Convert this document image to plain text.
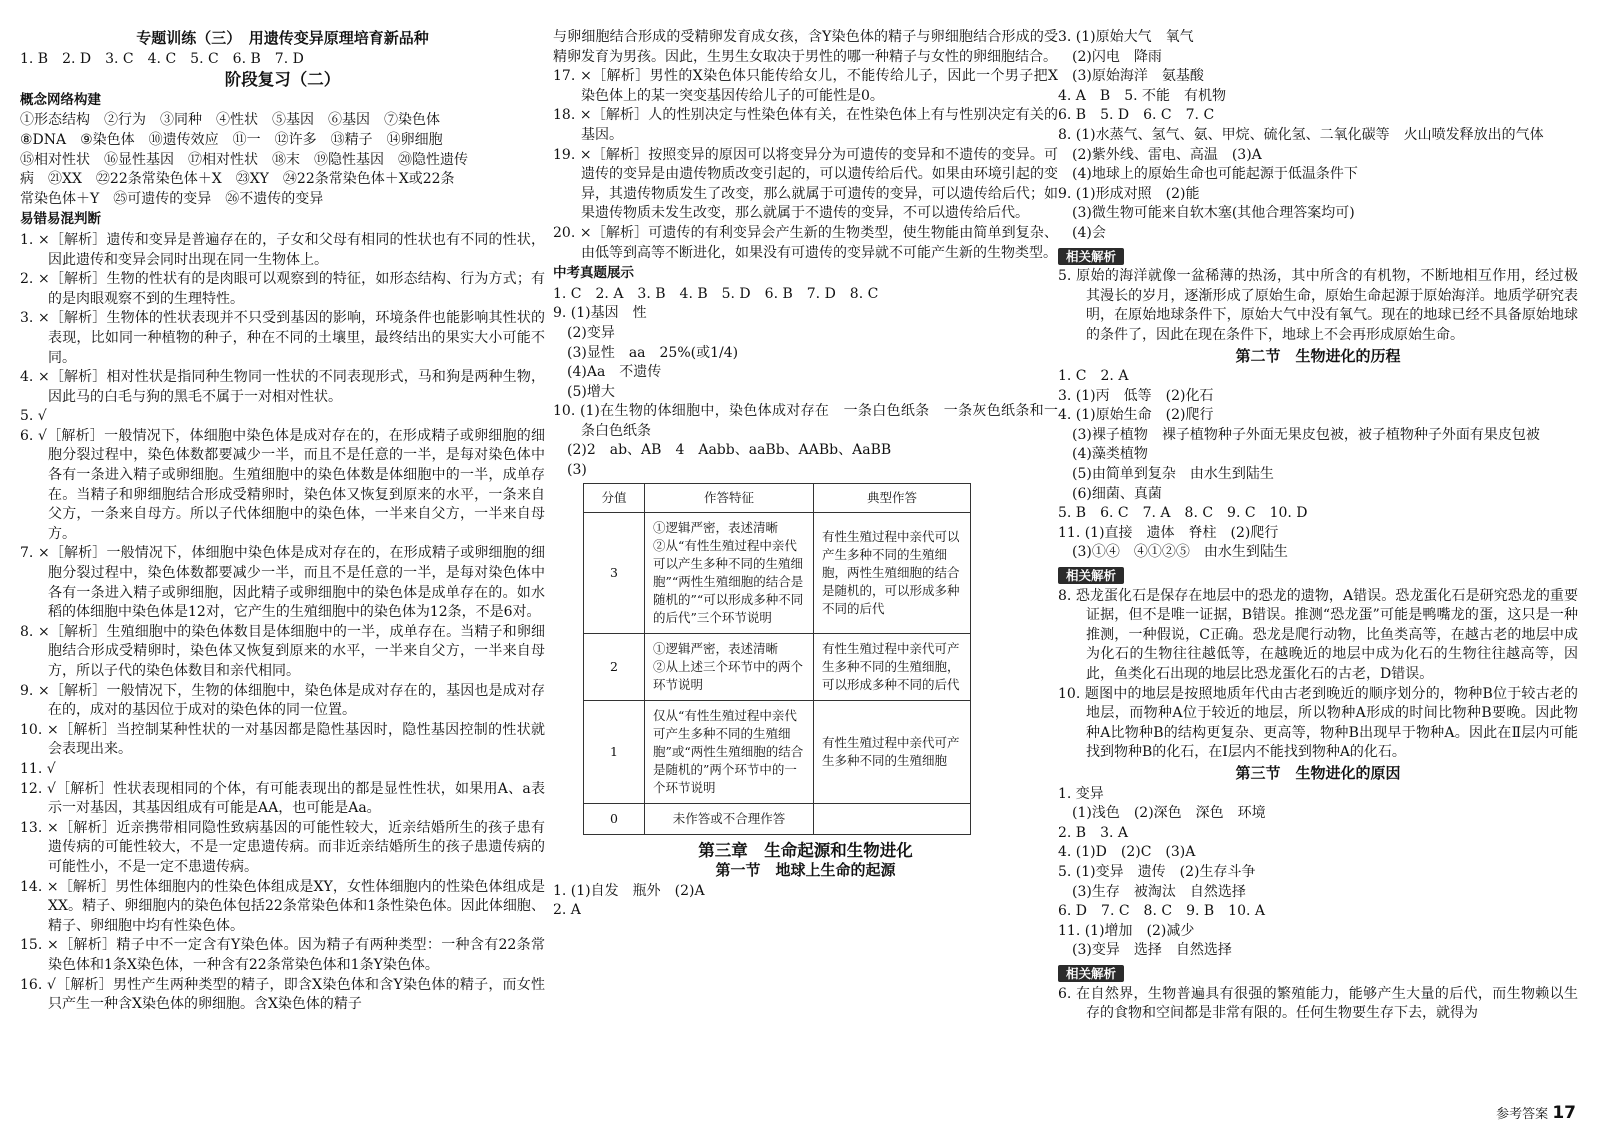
专题训练（三）　用遗传变异原理培育新品种

1. B　2. D　3. C　4. C　5. C　6. B　7. D

阶段复习（二）
概念网络构建

①形态结构　②行为　③同种　④性状　⑤基因　⑥基因　⑦染色体

⑧DNA　⑨染色体　⑩遗传效应　⑪一　⑫许多　⑬精子　⑭卵细胞

⑮相对性状　⑯显性基因　⑰相对性状　⑱末　⑲隐性基因　⑳隐性遗传

病　㉑XX　㉒22条常染色体＋X　㉓XY　㉔22条常染色体＋X或22条

常染色体＋Y　㉕可遗传的变异　㉖不遗传的变异

易错易混判断

1. ×［解析］遗传和变异是普遍存在的，子女和父母有相同的性状也有不同的性状，因此遗传和变异会同时出现在同一生物体上。

2. ×［解析］生物的性状有的是肉眼可以观察到的特征，如形态结构、行为方式；有的是肉眼观察不到的生理特性。

3. ×［解析］生物体的性状表现并不只受到基因的影响，环境条件也能影响其性状的表现，比如同一种植物的种子，种在不同的土壤里，最终结出的果实大小可能不同。

4. ×［解析］相对性状是指同种生物同一性状的不同表现形式，马和狗是两种生物，因此马的白毛与狗的黑毛不属于一对相对性状。

5. √

6. √［解析］一般情况下，体细胞中染色体是成对存在的，在形成精子或卵细胞的细胞分裂过程中，染色体数都要减少一半，而且不是任意的一半，是每对染色体中各有一条进入精子或卵细胞。生殖细胞中的染色体数是体细胞中的一半，成单存在。当精子和卵细胞结合形成受精卵时，染色体又恢复到原来的水平，一条来自父方，一条来自母方。所以子代体细胞中的染色体，一半来自父方，一半来自母方。

7. ×［解析］一般情况下，体细胞中染色体是成对存在的，在形成精子或卵细胞的细胞分裂过程中，染色体数都要减少一半，而且不是任意的一半，是每对染色体中各有一条进入精子或卵细胞，因此精子或卵细胞中的染色体是成单存在的。如水稻的体细胞中染色体是12对，它产生的生殖细胞中的染色体为12条，不是6对。

8. ×［解析］生殖细胞中的染色体数目是体细胞中的一半，成单存在。当精子和卵细胞结合形成受精卵时，染色体又恢复到原来的水平，一半来自父方，一半来自母方，所以子代的染色体数目和亲代相同。

9. ×［解析］一般情况下，生物的体细胞中，染色体是成对存在的，基因也是成对存在的，成对的基因位于成对的染色体的同一位置。

10. ×［解析］当控制某种性状的一对基因都是隐性基因时，隐性基因控制的性状就会表现出来。

11. √

12. √［解析］性状表现相同的个体，有可能表现出的都是显性性状，如果用A、a表示一对基因，其基因组成有可能是AA，也可能是Aa。

13. ×［解析］近亲携带相同隐性致病基因的可能性较大，近亲结婚所生的孩子患有遗传病的可能性较大，不是一定患遗传病。而非近亲结婚所生的孩子患遗传病的可能性小，不是一定不患遗传病。

14. ×［解析］男性体细胞内的性染色体组成是XY，女性体细胞内的性染色体组成是XX。精子、卵细胞内的染色体包括22条常染色体和1条性染色体。因此体细胞、精子、卵细胞中均有性染色体。

15. ×［解析］精子中不一定含有Y染色体。因为精子有两种类型：一种含有22条常染色体和1条X染色体，一种含有22条常染色体和1条Y染色体。

16. √［解析］男性产生两种类型的精子，即含X染色体和含Y染色体的精子，而女性只产生一种含X染色体的卵细胞。含X染色体的精子

与卵细胞结合形成的受精卵发育成女孩，含Y染色体的精子与卵细胞结合形成的受精卵发育为男孩。因此，生男生女取决于男性的哪一种精子与女性的卵细胞结合。

17. ×［解析］男性的X染色体只能传给女儿，不能传给儿子，因此一个男子把X染色体上的某一突变基因传给儿子的可能性是0。

18. ×［解析］人的性别决定与性染色体有关，在性染色体上有与性别决定有关的基因。

19. ×［解析］按照变异的原因可以将变异分为可遗传的变异和不遗传的变异。可遗传的变异是由遗传物质改变引起的，可以遗传给后代。如果由环境引起的变异，其遗传物质发生了改变，那么就属于可遗传的变异，可以遗传给后代；如果遗传物质未发生改变，那么就属于不遗传的变异，不可以遗传给后代。

20. ×［解析］可遗传的有利变异会产生新的生物类型，使生物能由简单到复杂、由低等到高等不断进化，如果没有可遗传的变异就不可能产生新的生物类型。

中考真题展示

1. C　2. A　3. B　4. B　5. D　6. B　7. D　8. C

9. (1)基因　性

　(2)变异

　(3)显性　aa　25%(或1/4)

　(4)Aa　不遗传

　(5)增大

10. (1)在生物的体细胞中，染色体成对存在　一条白色纸条　一条灰色纸条和一条白色纸条

　(2)2　ab、AB　4　Aabb、aaBb、AABb、AaBB

　(3)

分值	作答特征	典型作答
3	①逻辑严密，表述清晰
②从“有性生殖过程中亲代可以产生多种不同的生殖细胞”“两性生殖细胞的结合是随机的”“可以形成多种不同的后代”三个环节说明	有性生殖过程中亲代可以产生多种不同的生殖细胞，两性生殖细胞的结合是随机的，可以形成多种不同的后代
2	①逻辑严密，表述清晰
②从上述三个环节中的两个环节说明	有性生殖过程中亲代可产生多种不同的生殖细胞，可以形成多种不同的后代
1	仅从“有性生殖过程中亲代可产生多种不同的生殖细胞”或“两性生殖细胞的结合是随机的”两个环节中的一个环节说明	有性生殖过程中亲代可产生多种不同的生殖细胞
0	未作答或不合理作答	
第三章　生命起源和生物进化
第一节　地球上生命的起源

1. (1)自发　瓶外　(2)A

2. A

3. (1)原始大气　氧气

　(2)闪电　降雨

　(3)原始海洋　氨基酸

4. A　B　5. 不能　有机物

6. B　5. D　6. C　7. C

8. (1)水蒸气、氢气、氨、甲烷、硫化氢、二氧化碳等　火山喷发释放出的气体

　(2)紫外线、雷电、高温　(3)A

　(4)地球上的原始生命也可能起源于低温条件下

9. (1)形成对照　(2)能

　(3)微生物可能来自软木塞(其他合理答案均可)

　(4)会

相关解析

5. 原始的海洋就像一盆稀薄的热汤，其中所含的有机物，不断地相互作用，经过极其漫长的岁月，逐渐形成了原始生命，原始生命起源于原始海洋。地质学研究表明，在原始地球条件下，原始大气中没有氧气。现在的地球已经不具备原始地球的条件了，因此在现在条件下，地球上不会再形成原始生命。

第二节　生物进化的历程

1. C　2. A

3. (1)丙　低等　(2)化石

4. (1)原始生命　(2)爬行

　(3)裸子植物　裸子植物种子外面无果皮包被，被子植物种子外面有果皮包被

　(4)藻类植物

　(5)由简单到复杂　由水生到陆生

　(6)细菌、真菌

5. B　6. C　7. A　8. C　9. C　10. D

11. (1)直接　遗体　脊柱　(2)爬行

　(3)①④　④①②⑤　由水生到陆生

相关解析

8. 恐龙蛋化石是保存在地层中的恐龙的遗物，A错误。恐龙蛋化石是研究恐龙的重要证据，但不是唯一证据，B错误。推测“恐龙蛋”可能是鸭嘴龙的蛋，这只是一种推测，一种假说，C正确。恐龙是爬行动物，比鱼类高等，在越古老的地层中成为化石的生物往往越低等，在越晚近的地层中成为化石的生物往往越高等，因此，鱼类化石出现的地层比恐龙蛋化石的古老，D错误。

10. 题图中的地层是按照地质年代由古老到晚近的顺序划分的，物种B位于较古老的地层，而物种A位于较近的地层，所以物种A形成的时间比物种B要晚。因此物种A比物种B的结构更复杂、更高等，物种B出现早于物种A。因此在Ⅱ层内可能找到物种B的化石，在Ⅰ层内不能找到物种A的化石。

第三节　生物进化的原因

1. 变异

　(1)浅色　(2)深色　深色　环境

2. B　3. A

4. (1)D　(2)C　(3)A

5. (1)变异　遗传　(2)生存斗争

　(3)生存　被淘汰　自然选择

6. D　7. C　8. C　9. B　10. A

11. (1)增加　(2)减少

　(3)变异　选择　自然选择

相关解析

6. 在自然界，生物普遍具有很强的繁殖能力，能够产生大量的后代，而生物赖以生存的食物和空间都是非常有限的。任何生物要生存下去，就得为

参考答案 17
